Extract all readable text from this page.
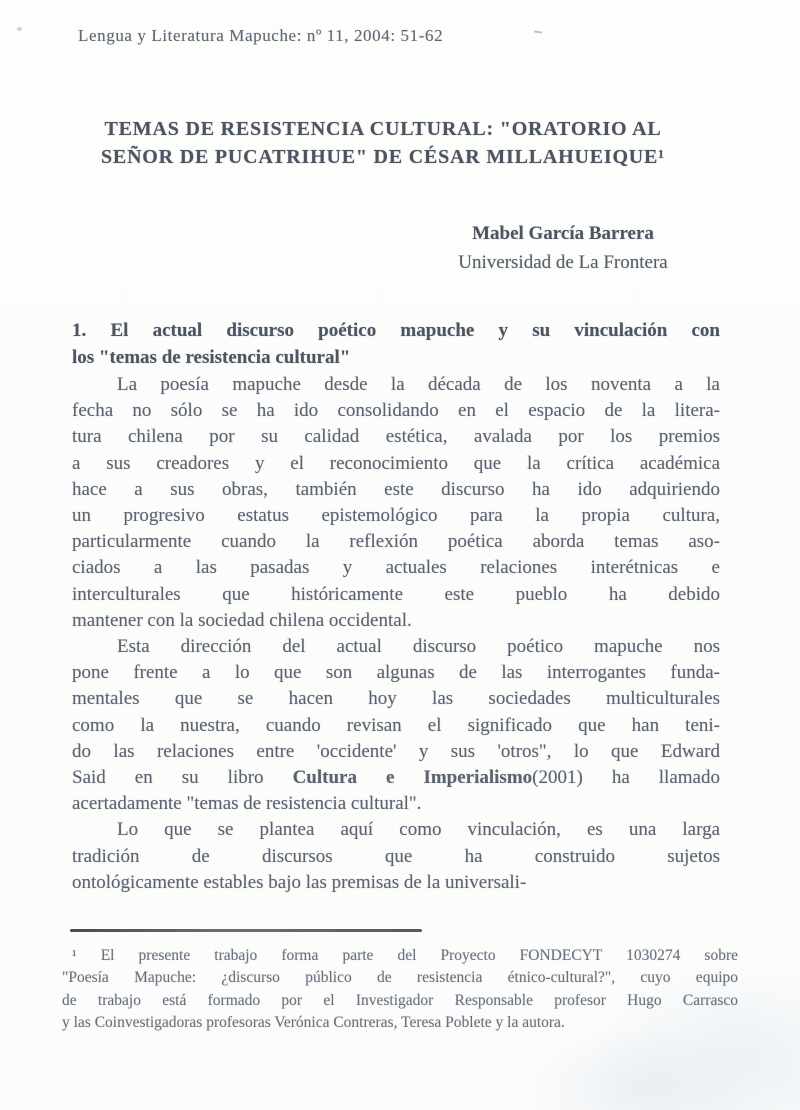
Lengua y Literatura Mapuche: nº 11, 2004: 51-62
TEMAS DE RESISTENCIA CULTURAL: "ORATORIO AL
SEÑOR DE PUCATRIHUE" DE CÉSAR MILLAHUEIQUE¹
Mabel García Barrera
Universidad de La Frontera
1. El actual discurso poético mapuche y su vinculación con
los "temas de resistencia cultural"
La poesía mapuche desde la década de los noventa a la
fecha no sólo se ha ido consolidando en el espacio de la litera-
tura chilena por su calidad estética, avalada por los premios
a sus creadores y el reconocimiento que la crítica académica
hace a sus obras, también este discurso ha ido adquiriendo
un progresivo estatus epistemológico para la propia cultura,
particularmente cuando la reflexión poética aborda temas aso-
ciados a las pasadas y actuales relaciones interétnicas e
interculturales que históricamente este pueblo ha debido
mantener con la sociedad chilena occidental.
Esta dirección del actual discurso poético mapuche nos
pone frente a lo que son algunas de las interrogantes funda-
mentales que se hacen hoy las sociedades multiculturales
como la nuestra, cuando revisan el significado que han teni-
do las relaciones entre 'occidente' y sus 'otros", lo que Edward
Said en su libro Cultura e Imperialismo(2001) ha llamado
acertadamente "temas de resistencia cultural".
Lo que se plantea aquí como vinculación, es una larga
tradición de discursos que ha construido sujetos
ontológicamente estables bajo las premisas de la universali-
¹ El presente trabajo forma parte del Proyecto FONDECYT 1030274 sobre
"Poesía Mapuche: ¿discurso público de resistencia étnico-cultural?", cuyo equipo
de trabajo está formado por el Investigador Responsable profesor Hugo Carrasco
y las Coinvestigadoras profesoras Verónica Contreras, Teresa Poblete y la autora.
